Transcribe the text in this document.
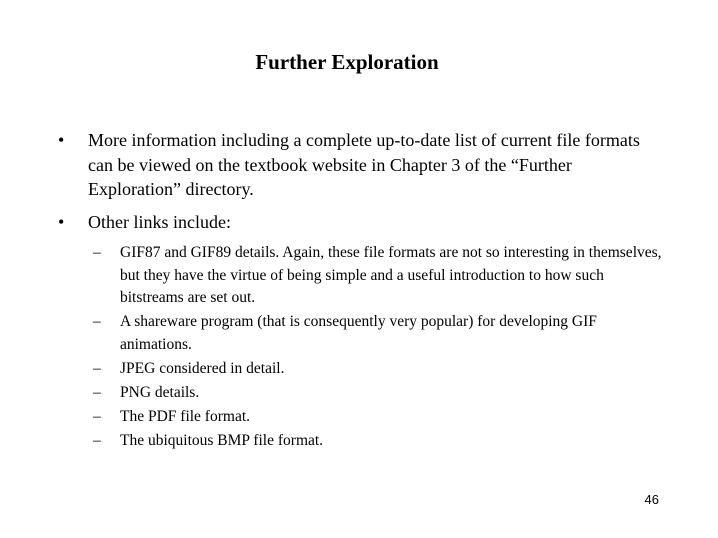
Further Exploration
• More information including a complete up-to-date list of current file formats can be viewed on the textbook website in Chapter 3 of the “Further Exploration” directory.
• Other links include:
– GIF87 and GIF89 details. Again, these file formats are not so interesting in themselves, but they have the virtue of being simple and a useful introduction to how such bitstreams are set out.
– A shareware program (that is consequently very popular) for developing GIF animations.
– JPEG considered in detail.
– PNG details.
– The PDF file format.
– The ubiquitous BMP file format.
46
